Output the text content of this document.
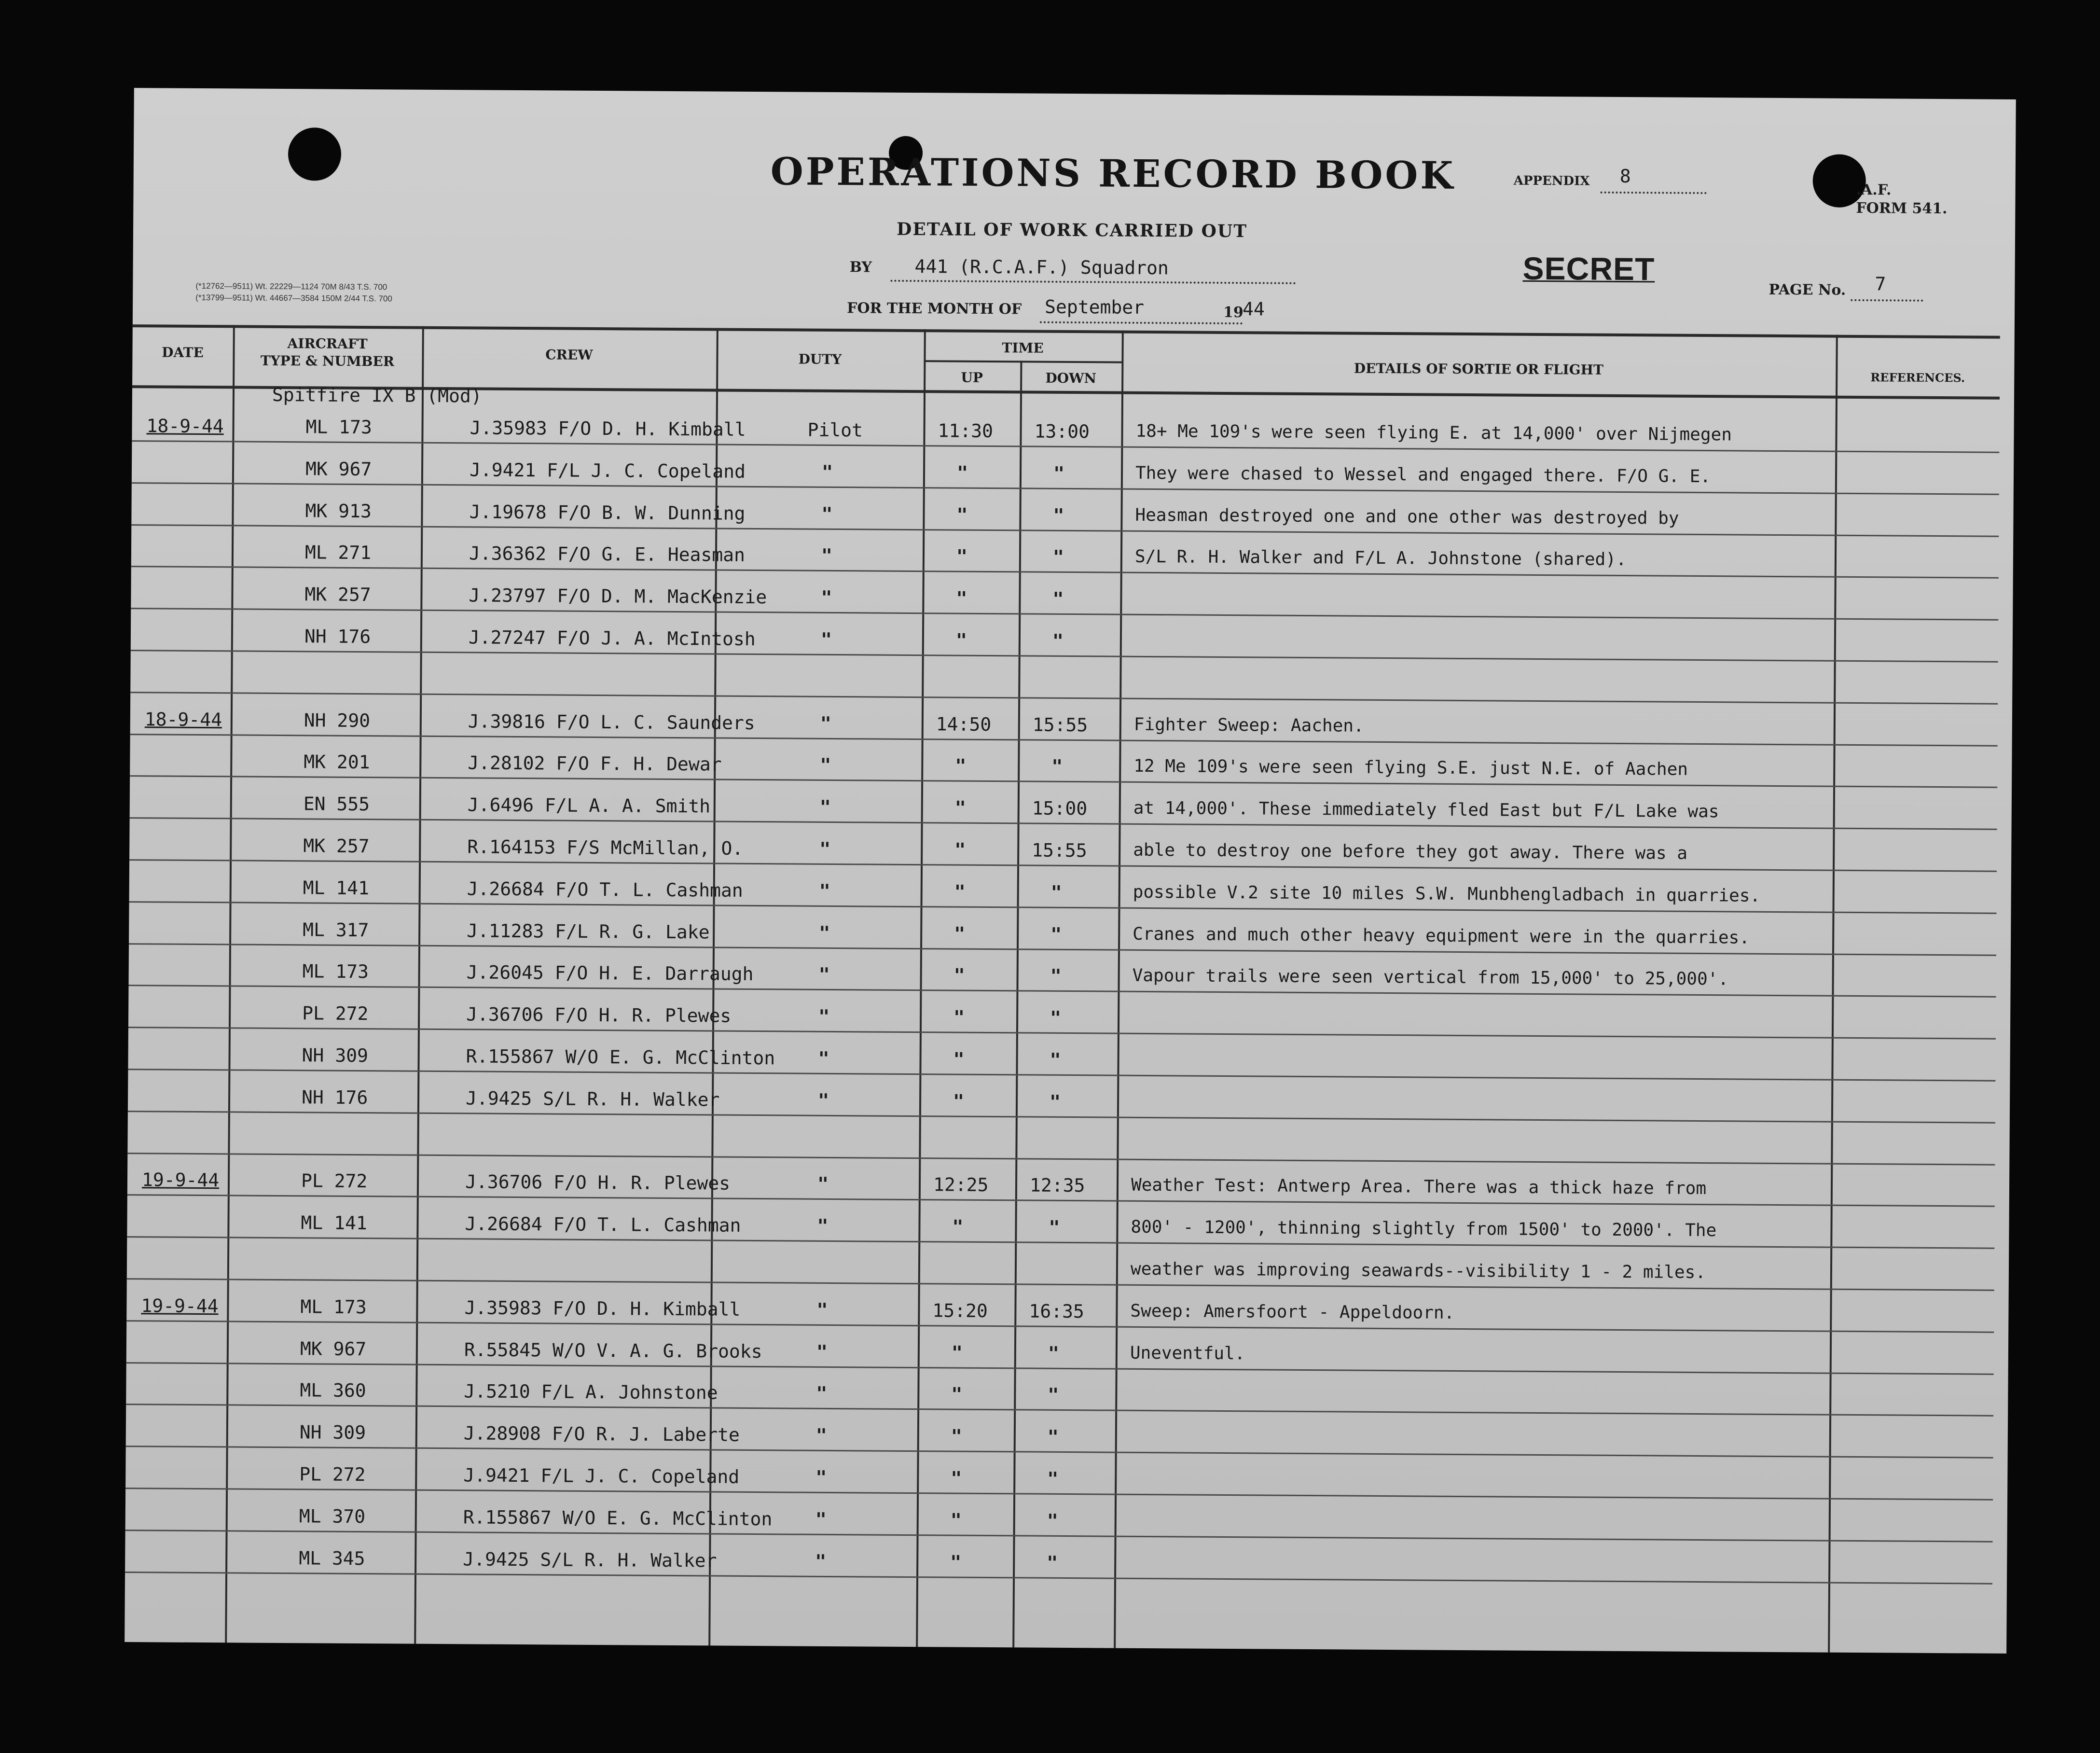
(*12762—9511) Wt. 22229—1124 70M 8/43 T.S. 700
(*13799—9511) Wt. 44667—3584 150M 2/44 T.S. 700
OPERATIONS RECORD BOOK
DETAIL OF WORK CARRIED OUT
BY 441 (R.C.A.F.) Squadron
FOR THE MONTH OF September	19
44
APPENDIX 8
.A.F.
FORM 541.
SECRET
PAGE No. 7
DATE
AIRCRAFT
TYPE & NUMBER	CREW	DUTY
TIME
UP	DOWN
DETAILS OF SORTIE OR FLIGHT	REFERENCES.
Spitfire IX B (Mod)
18-9-44	ML 173	J.35983 F/O D. H. Kimball	Pilot	11:30 13:00	18+ Me 109's were seen flying E. at 14,000' over Nijmegen
MK 967	J.9421 F/L J. C. Copeland	"	"	"	They were chased to Wessel and engaged there. F/O G. E.
MK 913	J.19678 F/O B. W. Dunning	"	"	"	Heasman destroyed one and one other was destroyed by
ML 271	J.36362 F/O G. E. Heasman	"	"	"	S/L R. H. Walker and F/L A. Johnstone (shared).
MK 257	J.23797 F/O D. M. MacKenzie	"	"	"
NH 176	J.27247 F/O J. A. McIntosh	"	"	"
18-9-44	NH 290	J.39816 F/O L. C. Saunders	"	14:50 15:55	Fighter Sweep: Aachen.
MK 201	J.28102 F/O F. H. Dewar	"	"	"	12 Me 109's were seen flying S.E. just N.E. of Aachen
EN 555	J.6496 F/L A. A. Smith	"	"	15:00	at 14,000'. These immediately fled East but F/L Lake was
MK 257	R.164153 F/S McMillan, O.	"	"	15:55	able to destroy one before they got away. There was a
ML 141	J.26684 F/O T. L. Cashman	"	"	"	possible V.2 site 10 miles S.W. Munbhengladbach in quarries.
ML 317	J.11283 F/L R. G. Lake	"	"	"	Cranes and much other heavy equipment were in the quarries.
ML 173	J.26045 F/O H. E. Darraugh	"	"	"	Vapour trails were seen vertical from 15,000' to 25,000'.
PL 272	J.36706 F/O H. R. Plewes	"	"	"
NH 309	R.155867 W/O E. G. McClinton "	"	"
NH 176	J.9425 S/L R. H. Walker	"	"	"
19-9-44	PL 272	J.36706 F/O H. R. Plewes	"	12:25 12:35	Weather Test: Antwerp Area. There was a thick haze from
ML 141	J.26684 F/O T. L. Cashman	"	"	"	800' - 1200', thinning slightly from 1500' to 2000'. The
weather was improving seawards--visibility 1 - 2 miles.
19-9-44	ML 173	J.35983 F/O D. H. Kimball	"	15:20 16:35	Sweep: Amersfoort - Appeldoorn.
MK 967	R.55845 W/O V. A. G. Brooks	"	"	"	Uneventful.
ML 360	J.5210 F/L A. Johnstone	"	"	"
NH 309	J.28908 F/O R. J. Laberte	"	"	"
PL 272	J.9421 F/L J. C. Copeland	"	"	"
ML 370	R.155867 W/O E. G. McClinton "	"	"
ML 345	J.9425 S/L R. H. Walker	"	"	"
